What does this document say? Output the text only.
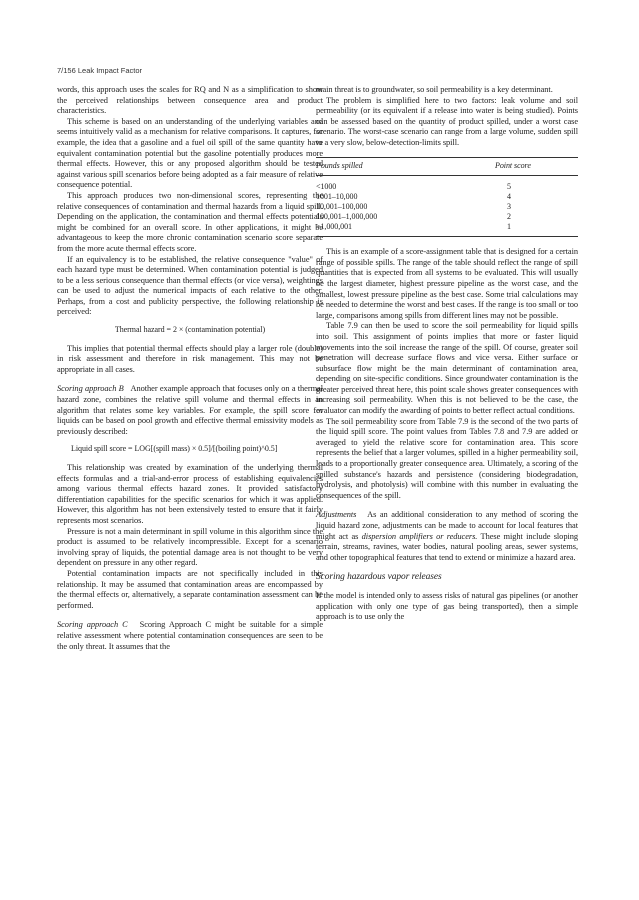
7/156 Leak Impact Factor

words, this approach uses the scales for RQ and N as a simplification to show the perceived relationships between consequence area and product characteristics.

This scheme is based on an understanding of the underlying variables and seems intuitively valid as a mechanism for relative comparisons. It captures, for example, the idea that a gasoline and a fuel oil spill of the same quantity have equivalent contamination potential but the gasoline potentially produces more thermal effects. However, this or any proposed algorithm should be tested against various spill scenarios before being adopted as a fair measure of relative consequence potential.

This approach produces two non-dimensional scores, representing the relative consequences of contamination and thermal hazards from a liquid spill. Depending on the application, the contamination and thermal effects potentials might be combined for an overall score. In other applications, it might be advantageous to keep the more chronic contamination scenario score separate from the more acute thermal effects score.

If an equivalency is to be established, the relative consequence "value" of each hazard type must be determined. When contamination potential is judged to be a less serious consequence than thermal effects (or vice versa), weightings can be used to adjust the numerical impacts of each relative to the other. Perhaps, from a cost and publicity perspective, the following relationship is perceived:

Thermal hazard = 2 × (contamination potential)

This implies that potential thermal effects should play a larger role (double) in risk assessment and therefore in risk management. This may not be appropriate in all cases.

Scoring approach B Another example approach that focuses only on a thermal hazard zone, combines the relative spill volume and thermal effects in an algorithm that relates some key variables. For example, the spill score for liquids can be based on pool growth and effective thermal emissivity models as previously described:

Liquid spill score = LOG[(spill mass) × 0.5]/[(boiling point)^0.5]

This relationship was created by examination of the underlying thermal effects formulas and a trial-and-error process of establishing equivalencies among various thermal effects hazard zones. It provided satisfactory differentiation capabilities for the specific scenarios for which it was applied. However, this algorithm has not been extensively tested to ensure that it fairly represents most scenarios.

Pressure is not a main determinant in spill volume in this algorithm since the product is assumed to be relatively incompressible. Except for a scenario involving spray of liquids, the potential damage area is not thought to be very dependent on pressure in any other regard.

Potential contamination impacts are not specifically included in this relationship. It may be assumed that contamination areas are encompassed by the thermal effects or, alternatively, a separate contamination assessment can be performed.

Scoring approach C Scoring Approach C might be suitable for a simple relative assessment where potential contamination consequences are seen to be the only threat. It assumes that the

main threat is to groundwater, so soil permeability is a key determinant.

The problem is simplified here to two factors: leak volume and soil permeability (or its equivalent if a release into water is being studied). Points can be assessed based on the quantity of product spilled, under a worst case scenario. The worst-case scenario can range from a large volume, sudden spill to a very slow, below-detection-limits spill.

Pounds spilled	Point score
<1000	5
1001–10,000	4
10,001–100,000	3
100,001–1,000,000	2
>1,000,001	1

This is an example of a score-assignment table that is designed for a certain range of possible spills. The range of the table should reflect the range of spill quantities that is expected from all systems to be evaluated. This will usually be the largest diameter, highest pressure pipeline as the worst case, and the smallest, lowest pressure pipeline as the best case. Some trial calculations may be needed to determine the worst and best cases. If the range is too small or too large, comparisons among spills from different lines may not be possible.

Table 7.9 can then be used to score the soil permeability for liquid spills into soil. This assignment of points implies that more or faster liquid movements into the soil increase the range of the spill. Of course, greater soil penetration will decrease surface flows and vice versa. Either surface or subsurface flow might be the main determinant of contamination area, depending on site-specific conditions. Since groundwater contamination is the greater perceived threat here, this point scale shows greater consequences with increasing soil permeability. When this is not believed to be the case, the evaluator can modify the awarding of points to better reflect actual conditions.

The soil permeability score from Table 7.9 is the second of the two parts of the liquid spill score. The point values from Tables 7.8 and 7.9 are added or averaged to yield the relative score for contamination area. This score represents the belief that a larger volumes, spilled in a higher permeability soil, leads to a proportionally greater consequence area. Ultimately, a scoring of the spilled substance's hazards and persistence (considering biodegradation, hydrolysis, and photolysis) will combine with this number in evaluating the consequences of the spill.

Adjustments As an additional consideration to any method of scoring the liquid hazard zone, adjustments can be made to account for local features that might act as dispersion amplifiers or reducers. These might include sloping terrain, streams, ravines, water bodies, natural pooling areas, sewer systems, and other topographical features that tend to extend or minimize a hazard area.

Scoring hazardous vapor releases

If the model is intended only to assess risks of natural gas pipelines (or another application with only one type of gas being transported), then a simple approach is to use only the
